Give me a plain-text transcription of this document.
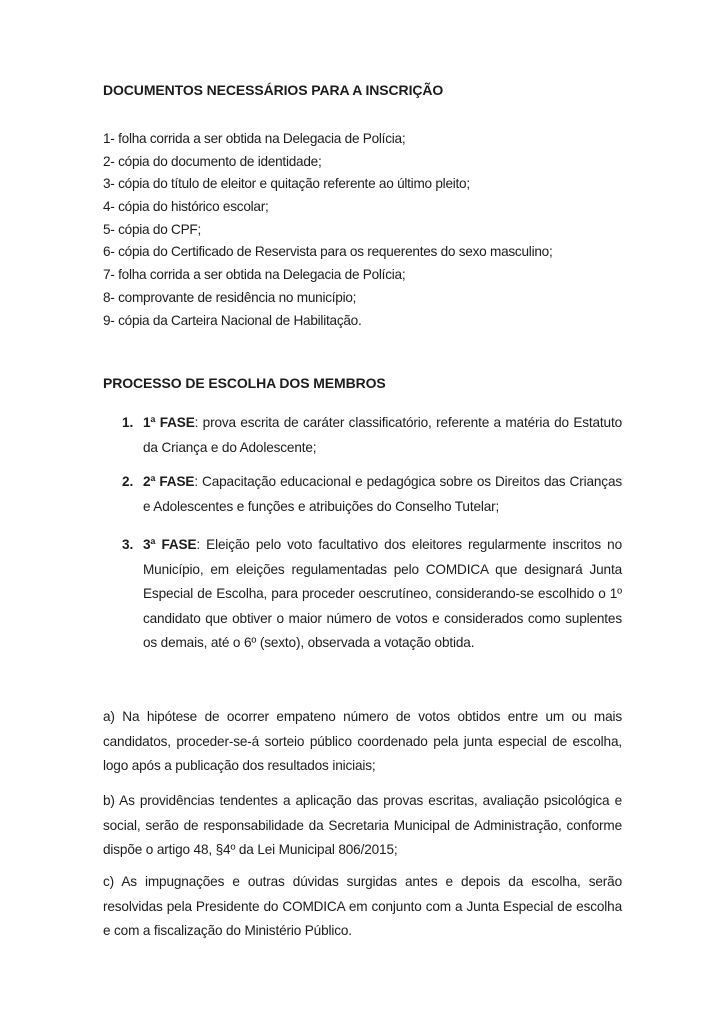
DOCUMENTOS NECESSÁRIOS PARA A INSCRIÇÃO
1- folha corrida a ser obtida na Delegacia de Polícia;
2- cópia do documento de identidade;
3- cópia do título de eleitor e quitação referente ao último pleito;
4- cópia do histórico escolar;
5- cópia do CPF;
6- cópia do Certificado de Reservista para os requerentes do sexo masculino;
7- folha corrida a ser obtida na Delegacia de Polícia;
8- comprovante de residência no município;
9- cópia da Carteira Nacional de Habilitação.
PROCESSO DE ESCOLHA DOS MEMBROS
1. 1ª FASE: prova escrita de caráter classificatório, referente a matéria do Estatuto da Criança e do Adolescente;
2. 2ª FASE: Capacitação educacional e pedagógica sobre os Direitos das Crianças e Adolescentes e funções e atribuições do Conselho Tutelar;
3. 3ª FASE: Eleição pelo voto facultativo dos eleitores regularmente inscritos no Município, em eleições regulamentadas pelo COMDICA que designará Junta Especial de Escolha, para proceder oescrutíneo, considerando-se escolhido o 1º candidato que obtiver o maior número de votos e considerados como suplentes os demais, até o 6º (sexto), observada a votação obtida.
a) Na hipótese de ocorrer empateno número de votos obtidos entre um ou mais candidatos, proceder-se-á sorteio público coordenado pela junta especial de escolha, logo após a publicação dos resultados iniciais;
b) As providências tendentes a aplicação das provas escritas, avaliação psicológica e social, serão de responsabilidade da Secretaria Municipal de Administração, conforme dispõe o artigo 48, §4º da Lei Municipal 806/2015;
c) As impugnações e outras dúvidas surgidas antes e depois da escolha, serão resolvidas pela Presidente do COMDICA em conjunto com a Junta Especial de escolha e com a fiscalização do Ministério Público.
